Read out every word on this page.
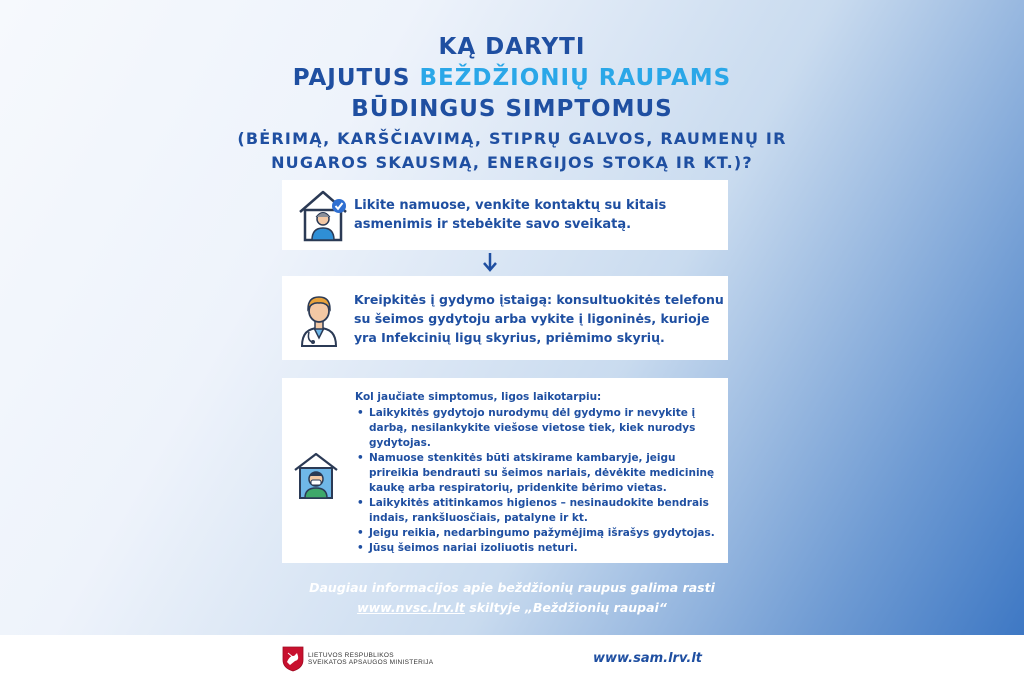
KĄ DARYTI
PAJUTUS BEŽDŽIONIŲ RAUPAMS
BŪDINGUS SIMPTOMUS
(BĖRIMĄ, KARŠČIAVIMĄ, STIPRŲ GALVOS, RAUMENŲ IR
NUGAROS SKAUSMĄ, ENERGIJOS STOKĄ IR KT.)?
Likite namuose, venkite kontaktų su kitais asmenimis ir stebėkite savo sveikatą.
Kreipkitės į gydymo įstaigą: konsultuokitės telefonu su šeimos gydytoju arba vykite į ligoninės, kurioje yra Infekcinių ligų skyrius, priėmimo skyrių.
Kol jaučiate simptomus, ligos laikotarpiu:
• Laikykitės gydytojo nurodymų dėl gydymo ir nevykite į darbą, nesilankykite viešose vietose tiek, kiek nurodys gydytojas.
• Namuose stenkitės būti atskirame kambaryje, jeigu prireikia bendrauti su šeimos nariais, dėvėkite medicininę kaukę arba respiratorių, pridenkite bėrimo vietas.
• Laikykitės atitinkamos higienos – nesinaudokite bendrais indais, rankšluosčiais, patalyne ir kt.
• Jeigu reikia, nedarbingumo pažymėjimą išrašys gydytojas.
• Jūsų šeimos nariai izoliuotis neturi.
Daugiau informacijos apie beždžionių raupus galima rasti
www.nvsc.lrv.lt skiltyje „Beždžionių raupai“
LIETUVOS RESPUBLIKOS
SVEIKATOS APSAUGOS MINISTERIJA	www.sam.lrv.lt
